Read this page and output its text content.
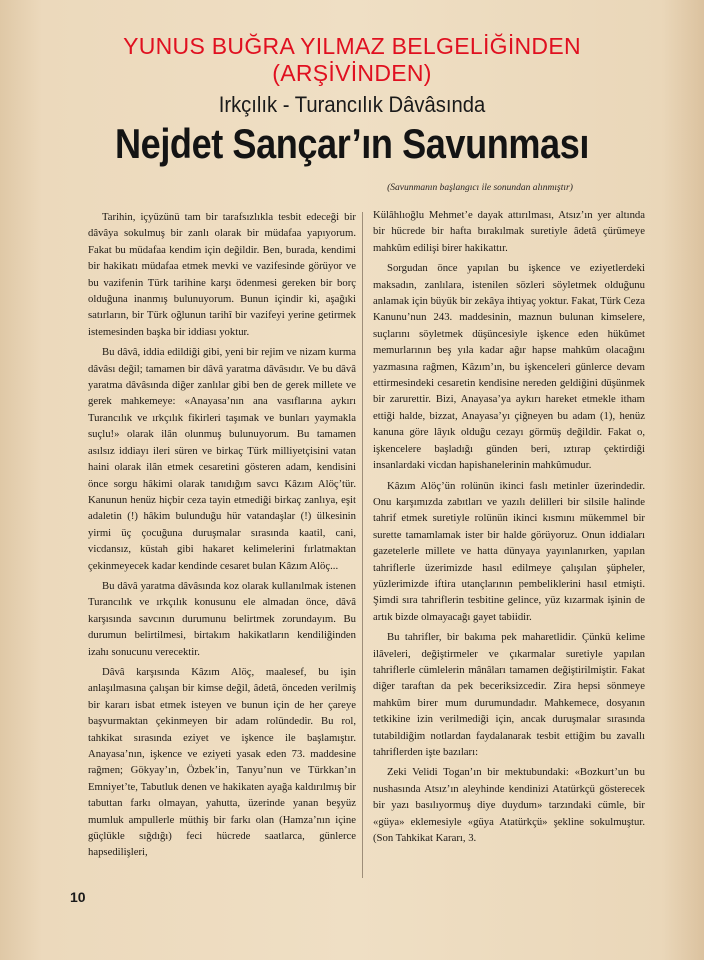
YUNUS BUĞRA YILMAZ BELGELİĞİNDEN
(ARŞİVİNDEN)
Irkçılık - Turancılık Dâvâsında
Nejdet Sançar’ın Savunması
(Savunmanın başlangıcı ile sonundan alınmıştır)

Tarihin, içyüzünü tam bir tarafsızlıkla tesbit edeceği bir dâvâya sokulmuş bir zanlı olarak bir müdafaa yapıyorum. Fakat bu müdafaa kendim için değildir. Ben, burada, kendimi bir hakikatı müdafaa etmek mevki ve vazifesinde görüyor ve bu vazifenin Türk tarihine karşı ödenmesi gereken bir borç olduğuna inanmış bulunuyorum. Bunun içindir ki, aşağıki satırların, bir Türk oğlunun tarihî bir vazifeyi yerine getirmek istemesinden başka bir iddiası yoktur.

Bu dâvâ, iddia edildiği gibi, yeni bir rejim ve nizam kurma dâvâsı değil; tamamen bir dâvâ yaratma dâvâsıdır. Ve bu dâvâ yaratma dâvâsında diğer zanlılar gibi ben de gerek millete ve gerek mahkemeye: «Anayasa’nın ana vasıflarına aykırı Turancılık ve ırkçılık fikirleri taşımak ve bunları yaymakla suçlu!» olarak ilân olunmuş bulunuyorum. Bu tamamen asılsız iddiayı ileri süren ve birkaç Türk milliyetçisini vatan haini olarak ilân etmek cesaretini gösteren adam, kendisini önce sorgu hâkimi olarak tanıdığım savcı Kâzım Alöç’tür. Kanunun henüz hiçbir ceza tayin etmediği birkaç zanlıya, eşit adaletin (!) hâkim bulunduğu hür vatandaşlar (!) ülkesinin yirmi üç çocuğuna duruşmalar sırasında kaatil, cani, vicdansız, küstah gibi hakaret kelimelerini fırlatmaktan çekinmeyecek kadar kendinde cesaret bulan Kâzım Alöç...

Bu dâvâ yaratma dâvâsında koz olarak kullanılmak istenen Turancılık ve ırkçılık konusunu ele almadan önce, dâvâ karşısında savcının durumunu belirtmek zorundayım. Bu durumun belirtilmesi, birtakım hakikatların kendiliğinden izahı sonucunu verecektir.

Dâvâ karşısında Kâzım Alöç, maalesef, bu işin anlaşılmasına çalışan bir kimse değil, âdetâ, önceden verilmiş bir kararı isbat etmek isteyen ve bunun için de her çareye başvurmaktan çekinmeyen bir adam rolündedir. Bu rol, tahkikat sırasında eziyet ve işkence ile başlamıştır. Anayasa’nın, işkence ve eziyeti yasak eden 73. maddesine rağmen; Gökyay’ın, Özbek’in, Tanyu’nun ve Türkkan’ın Emniyet’te, Tabutluk denen ve hakikaten ayağa kaldırılmış bir tabuttan farkı olmayan, yahutta, üzerinde yanan beşyüz mumluk ampullerle müthiş bir farkı olan (Hamza’nın içine güçlükle sığdığı) feci hücrede saatlarca, günlerce hapsedilişleri,

Külâhlıoğlu Mehmet’e dayak attırılması, Atsız’ın yer altında bir hücrede bir hafta bırakılmak suretiyle âdetâ çürümeye mahkûm edilişi birer hakikattır.

Sorgudan önce yapılan bu işkence ve eziyetlerdeki maksadın, zanlılara, istenilen sözleri söyletmek olduğunu anlamak için büyük bir zekâya ihtiyaç yoktur. Fakat, Türk Ceza Kanunu’nun 243. maddesinin, maznun bulunan kimselere, suçlarını söyletmek düşüncesiyle işkence eden hükûmet memurlarının beş yıla kadar ağır hapse mahkûm olacağını yazmasına rağmen, Kâzım’ın, bu işkenceleri günlerce devam ettirmesindeki cesaretin kendisine nereden geldiğini düşünmek bir zarurettir. Bizi, Anayasa’ya aykırı hareket etmekle itham ettiği halde, bizzat, Anayasa’yı çiğneyen bu adam (1), henüz kanuna göre lâyık olduğu cezayı görmüş değildir. Fakat o, işkencelere başladığı günden beri, ıztırap çektirdiği insanlardaki vicdan hapishanelerinin mahkûmudur.

Kâzım Alöç’ün rolünün ikinci faslı metinler üzerindedir. Onu karşımızda zabıtları ve yazılı delilleri bir silsile halinde tahrif etmek suretiyle rolünün ikinci kısmını mükemmel bir surette tamamlamak ister bir halde görüyoruz. Onun iddiaları gazetelerle millete ve hatta dünyaya yayınlanırken, yapılan tahriflerle üzerimizde hasıl edilmeye çalışılan şüpheler, yüzlerimizde iftira utançlarının pembeliklerini hasıl etmişti. Şimdi sıra tahriflerin tesbitine gelince, yüz kızarmak işinin de artık bizde olmayacağı gayet tabiidir.

Bu tahrifler, bir bakıma pek maharetlidir. Çünkü kelime ilâveleri, değiştirmeler ve çıkarmalar suretiyle yapılan tahriflerle cümlelerin mânâları tamamen değiştirilmiştir. Fakat diğer taraftan da pek beceriksizcedir. Zira hepsi sönmeye mahkûm birer mum durumundadır. Mahkemece, dosyanın tetkikine izin verilmediği için, ancak duruşmalar sırasında tutabildiğim notlardan faydalanarak tesbit ettiğim bu zavallı tahriflerden işte bazıları:

Zeki Velidi Togan’ın bir mektubundaki: «Bozkurt’un bu nushasında Atsız’ın aleyhinde kendinizi Atatürkçü gösterecek bir yazı basılıyormuş diye duydum» tarzındaki cümle, bir «güya» eklemesiyle «güya Atatürkçü» şekline sokulmuştur. (Son Tahkikat Kararı, 3.

10
